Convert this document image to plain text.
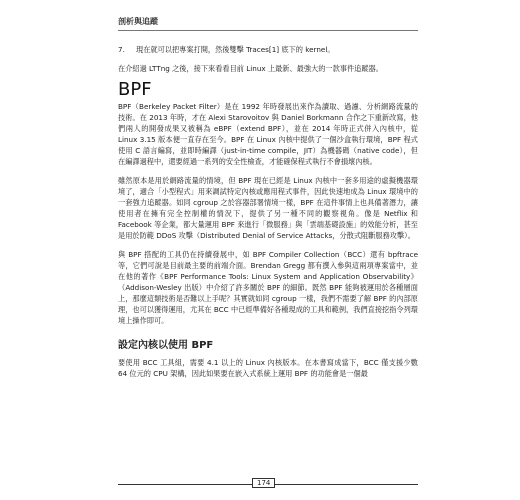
剖析與追蹤
7.	現在就可以把專案打開，然後雙擊 Traces[1] 底下的 kernel。

在介紹過 LTTng 之後，接下來看看目前 Linux 上最新、最強大的一款事件追蹤器。

BPF

BPF（Berkeley Packet Filter）是在 1992 年時發展出來作為讀取、過濾、分析網路流量的技術。在 2013 年時，才在 Alexi Starovoitov 與 Daniel Borkmann 合作之下重新改寫，他們兩人的開發成果又被稱為 eBPF（extend BPF），並在 2014 年時正式併入內核中，從 Linux 3.15 版本便一直存在至今。BPF 在 Linux 內核中提供了一個沙盒執行環境，BPF 程式使用 C 語言編寫，並即時編譯（just-in-time compile，JIT）為機器碼（native code），但在編譯過程中，還要經過一系列的安全性檢查，才能確保程式執行不會損壞內核。

雖然原本是用於網路流量的情境，但 BPF 現在已經是 Linux 內核中一套多用途的虛擬機器環境了，適合「小型程式」用來調試特定內核或應用程式事件，因此快速地成為 Linux 環境中的一套強力追蹤器。如同 cgroup 之於容器部署情境一樣，BPF 在這件事情上也具備著潛力，讓使用者在擁有完全控制權的情況下，提供了另一種不同的觀察視角。像是 Netflix 和 Facebook 等企業，都大量運用 BPF 來進行「微服務」與「雲端基礎設施」的效能分析，甚至是用於防範 DDoS 攻擊（Distributed Denial of Service Attacks，分散式阻斷服務攻擊）。

與 BPF 搭配的工具仍在持續發展中，如 BPF Compiler Collection（BCC）還有 bpftrace 等，它們可說是目前最主要的前端介面。Brendan Gregg 都有撰入參與這兩項專案當中，並在他的著作《BPF Performance Tools: Linux System and Application Observability》（Addison-Wesley 出版）中介紹了許多關於 BPF 的細節。既然 BPF 能夠被運用於各種層面上，那麼這類技術是否難以上手呢？其實就如同 cgroup 一樣，我們不需要了解 BPF 的內部原理，也可以獲得運用，尤其在 BCC 中已經準備好各種現成的工具和範例，我們直接挖指令列環境上操作即可。

設定內核以使用 BPF

要使用 BCC 工具組，需要 4.1 以上的 Linux 內核版本。在本書寫成當下，BCC 僅支援少數 64 位元的 CPU 架構，因此如果要在嵌入式系統上運用 BPF 的功能會是一個最

174
